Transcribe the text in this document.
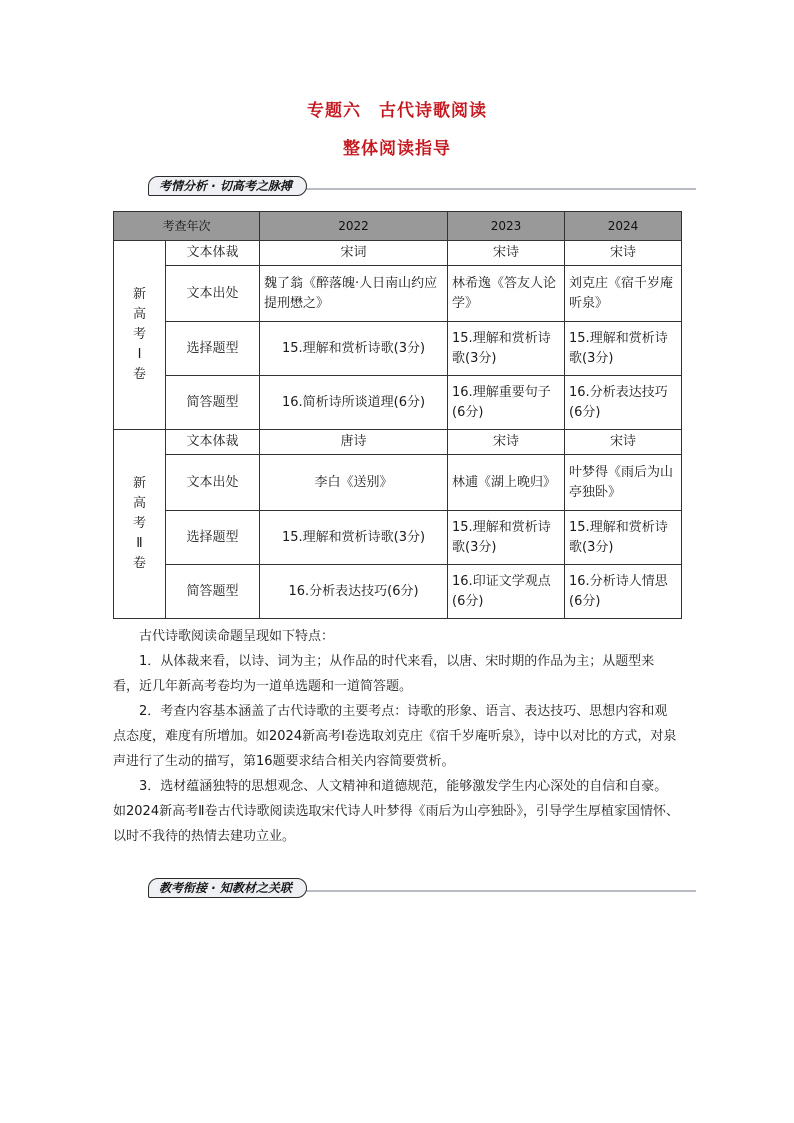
专题六　古代诗歌阅读
整体阅读指导
考情分析 · 切高考之脉搏
考查年次		2022	2023	2024
新
高
考
Ⅰ
卷	文本体裁	宋词	宋诗	宋诗
	文本出处	魏了翁《醉落魄·人日南山约应提刑懋之》	林希逸《答友人论学》	刘克庄《宿千岁庵听泉》
	选择题型	15.理解和赏析诗歌(3分)	15.理解和赏析诗歌(3分)	15.理解和赏析诗歌(3分)
	简答题型	16.简析诗所谈道理(6分)	16.理解重要句子(6分)	16.分析表达技巧(6分)
新
高
考
Ⅱ
卷	文本体裁	唐诗	宋诗	宋诗
	文本出处	李白《送别》	林逋《湖上晚归》	叶梦得《雨后为山亭独卧》
	选择题型	15.理解和赏析诗歌(3分)	15.理解和赏析诗歌(3分)	15.理解和赏析诗歌(3分)
	简答题型	16.分析表达技巧(6分)	16.印证文学观点(6分)	16.分析诗人情思(6分)

古代诗歌阅读命题呈现如下特点：

1．从体裁来看，以诗、词为主；从作品的时代来看，以唐、宋时期的作品为主；从题型来看，近几年新高考卷均为一道单选题和一道简答题。

2．考查内容基本涵盖了古代诗歌的主要考点：诗歌的形象、语言、表达技巧、思想内容和观点态度，难度有所增加。如2024新高考Ⅰ卷选取刘克庄《宿千岁庵听泉》，诗中以对比的方式，对泉声进行了生动的描写，第16题要求结合相关内容简要赏析。

3．选材蕴涵独特的思想观念、人文精神和道德规范，能够激发学生内心深处的自信和自豪。如2024新高考Ⅱ卷古代诗歌阅读选取宋代诗人叶梦得《雨后为山亭独卧》，引导学生厚植家国情怀、以时不我待的热情去建功立业。

教考衔接 · 知教材之关联
